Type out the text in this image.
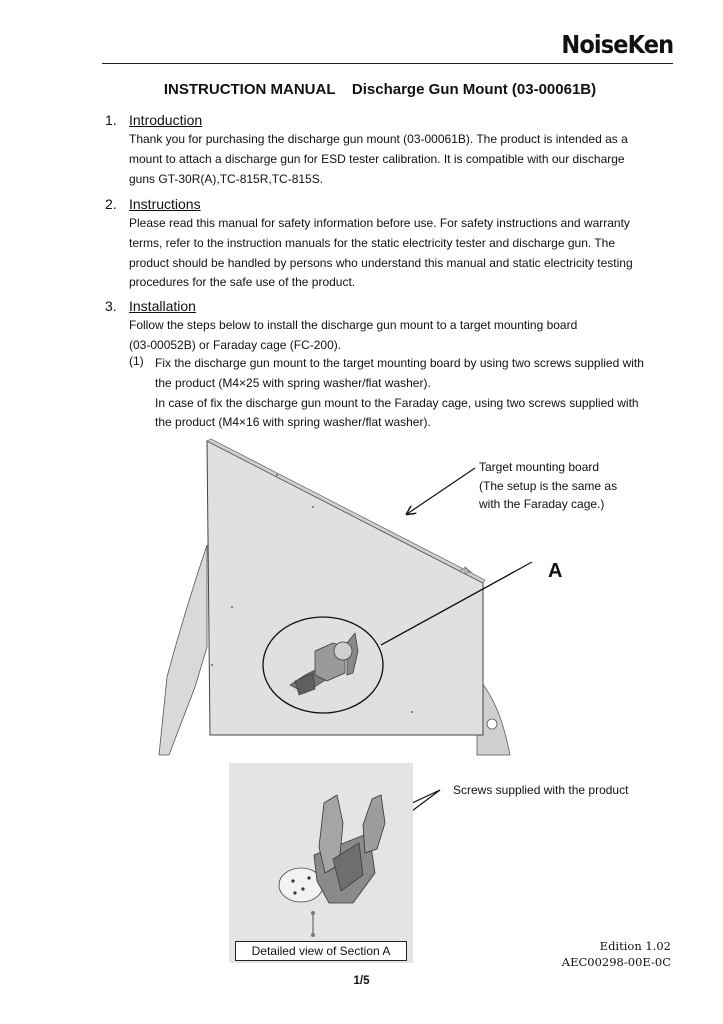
NoiseKen
INSTRUCTION MANUAL    Discharge Gun Mount (03-00061B)
1. Introduction
Thank you for purchasing the discharge gun mount (03-00061B). The product is intended as a
mount to attach a discharge gun for ESD tester calibration. It is compatible with our discharge
guns GT-30R(A),TC-815R,TC-815S.
2. Instructions
Please read this manual for safety information before use. For safety instructions and warranty
terms, refer to the instruction manuals for the static electricity tester and discharge gun. The
product should be handled by persons who understand this manual and static electricity testing
procedures for the safe use of the product.
3. Installation
Follow the steps below to install the discharge gun mount to a target mounting board
(03-00052B) or Faraday cage (FC-200).
(1) Fix the discharge gun mount to the target mounting board by using two screws supplied with
the product (M4×25 with spring washer/flat washer).
In case of fix the discharge gun mount to the Faraday cage, using two screws supplied with
the product (M4×16 with spring washer/flat washer).
Target mounting board
(The setup is the same as
with the Faraday cage.)
A
Screws supplied with the product
Detailed view of Section A	Edition 1.02
AEC00298-00E-0C
1/5
